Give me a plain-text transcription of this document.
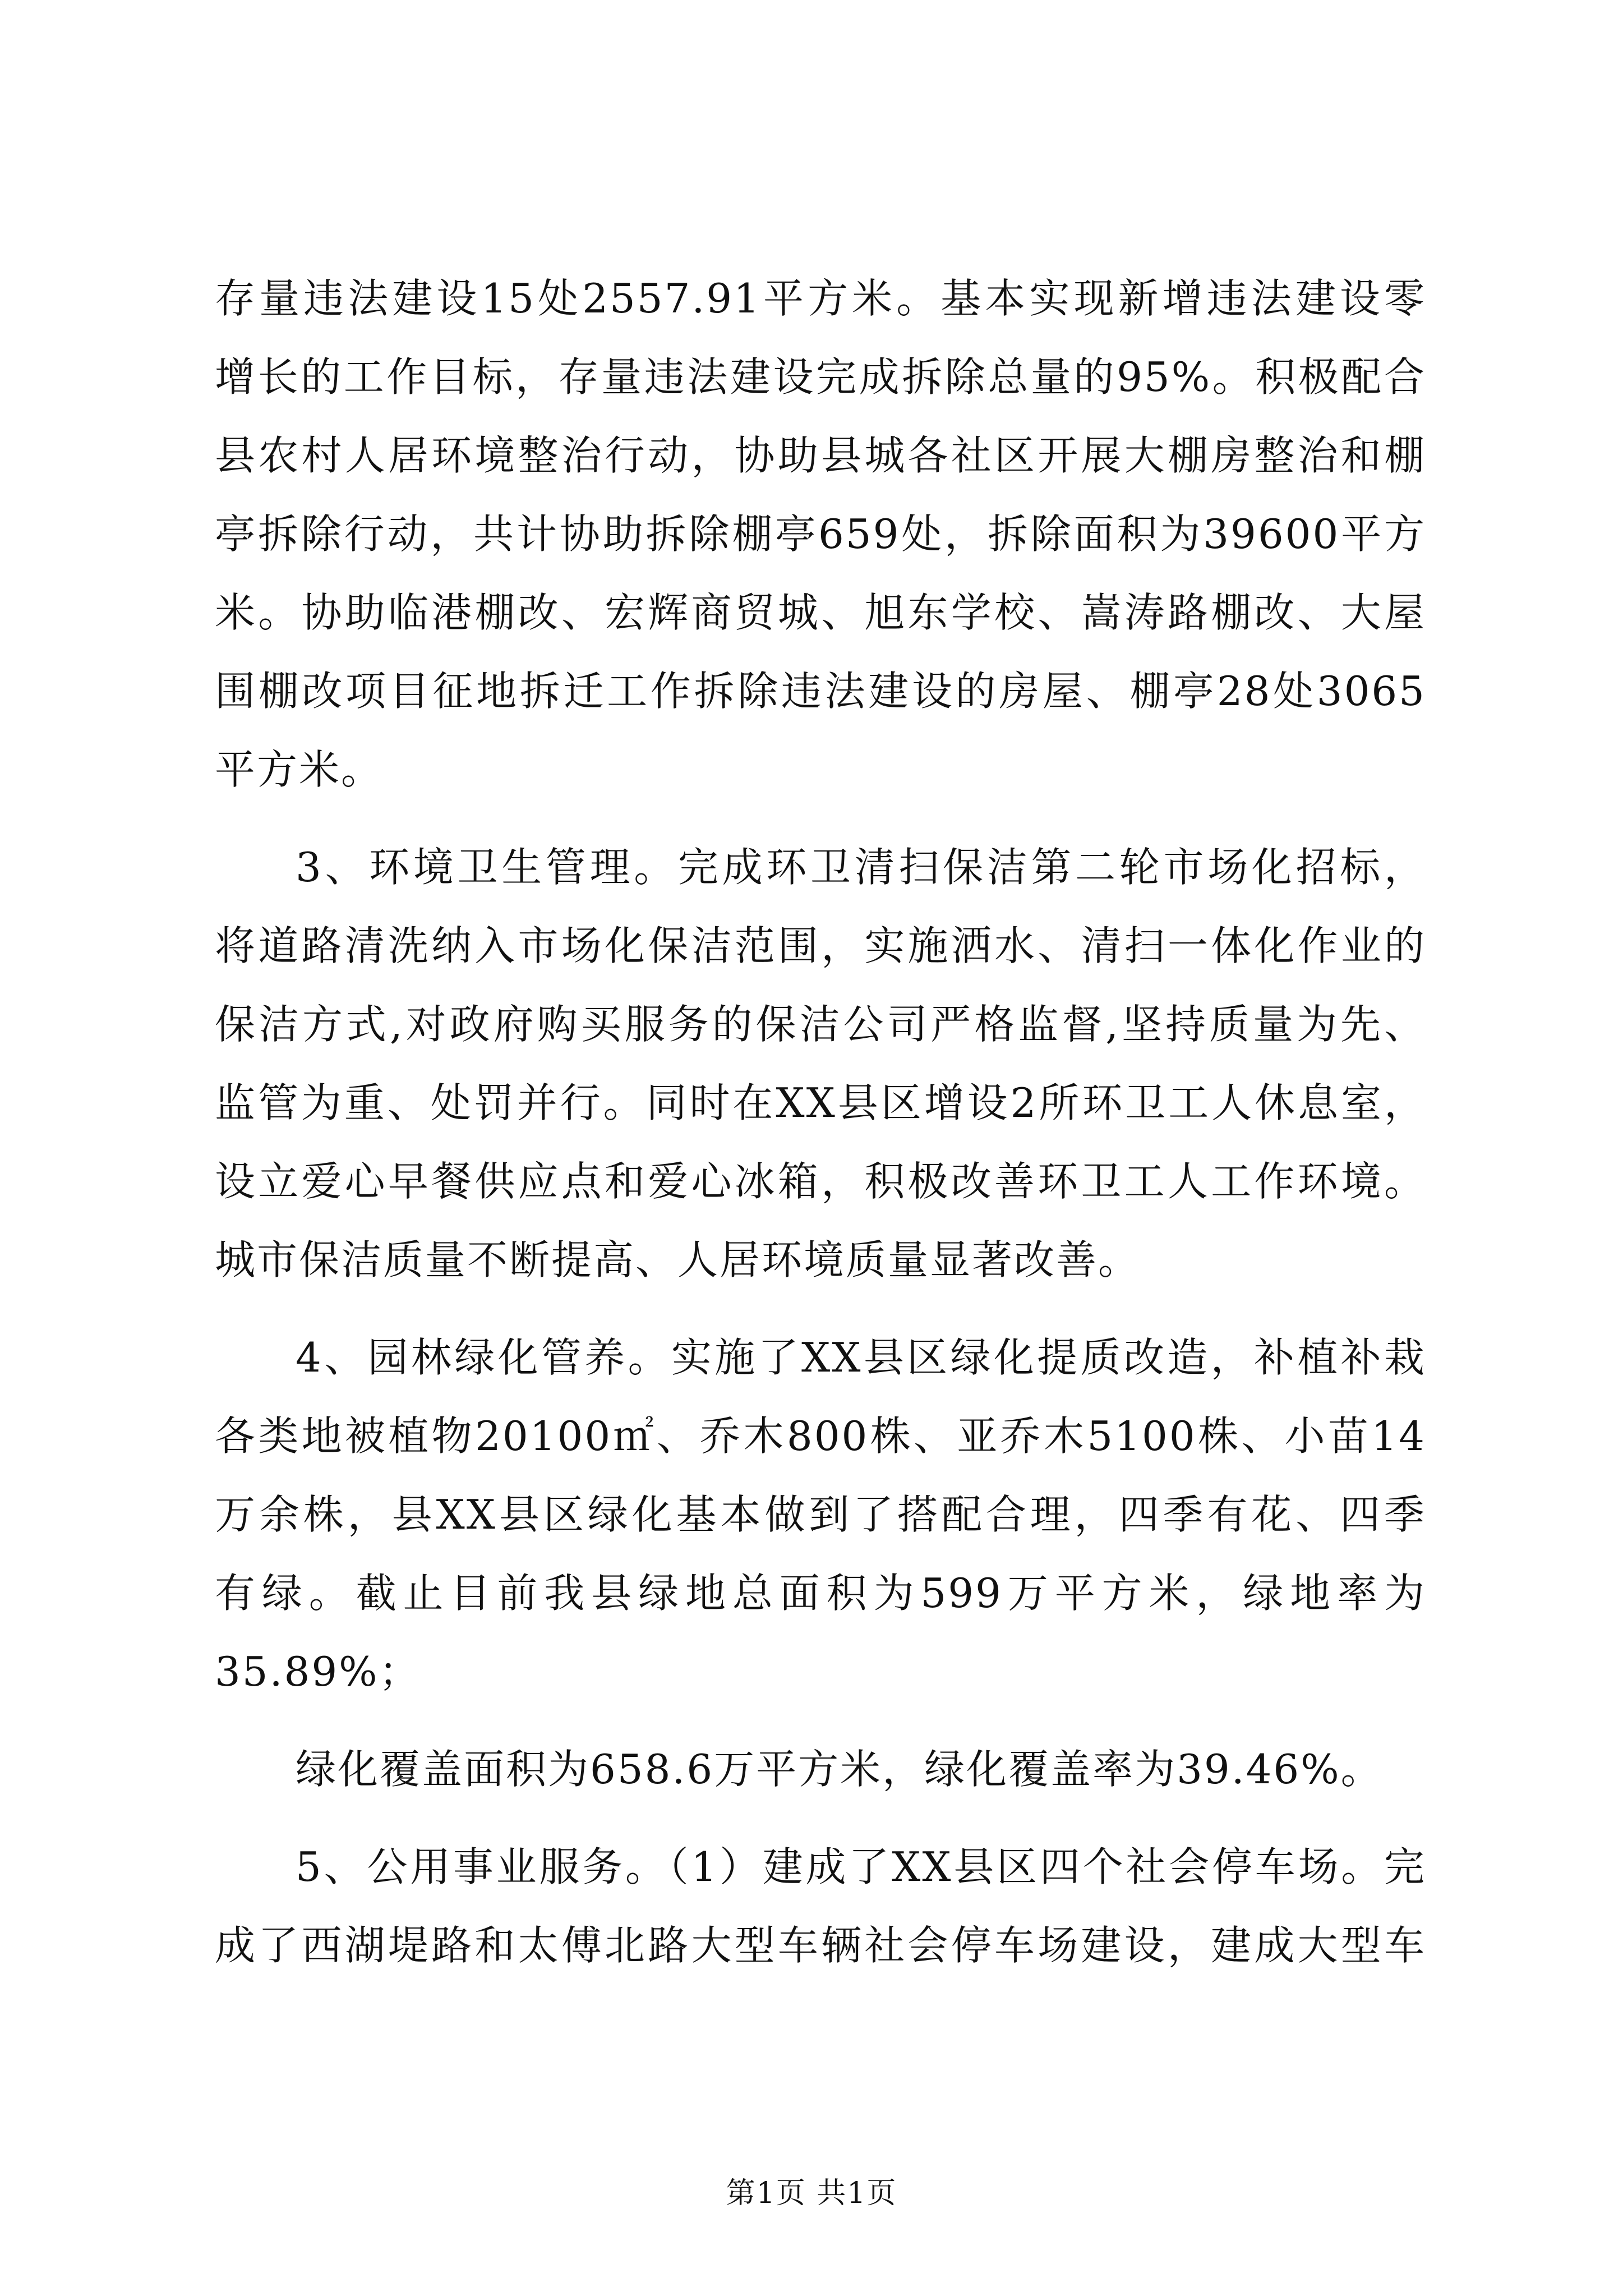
存量违法建设15处2557.91平方米。基本实现新增违法建设零
增长的工作目标，存量违法建设完成拆除总量的95%。积极配合
县农村人居环境整治行动，协助县城各社区开展大棚房整治和棚
亭拆除行动，共计协助拆除棚亭659处，拆除面积为39600平方
米。协助临港棚改、宏辉商贸城、旭东学校、嵩涛路棚改、大屋
围棚改项目征地拆迁工作拆除违法建设的房屋、棚亭28处3065
平方米。
3、环境卫生管理。完成环卫清扫保洁第二轮市场化招标，
将道路清洗纳入市场化保洁范围，实施洒水、清扫一体化作业的
保洁方式,对政府购买服务的保洁公司严格监督,坚持质量为先、
监管为重、处罚并行。同时在XX县区增设2所环卫工人休息室，
设立爱心早餐供应点和爱心冰箱，积极改善环卫工人工作环境。
城市保洁质量不断提高、人居环境质量显著改善。
4、园林绿化管养。实施了XX县区绿化提质改造，补植补栽
各类地被植物20100㎡、乔木800株、亚乔木5100株、小苗14
万余株，县XX县区绿化基本做到了搭配合理，四季有花、四季
有绿。截止目前我县绿地总面积为599万平方米，绿地率为
35.89%；
绿化覆盖面积为658.6万平方米，绿化覆盖率为39.46%。
5、公用事业服务。（1）建成了XX县区四个社会停车场。完
成了西湖堤路和太傅北路大型车辆社会停车场建设，建成大型车
第1页 共1页
